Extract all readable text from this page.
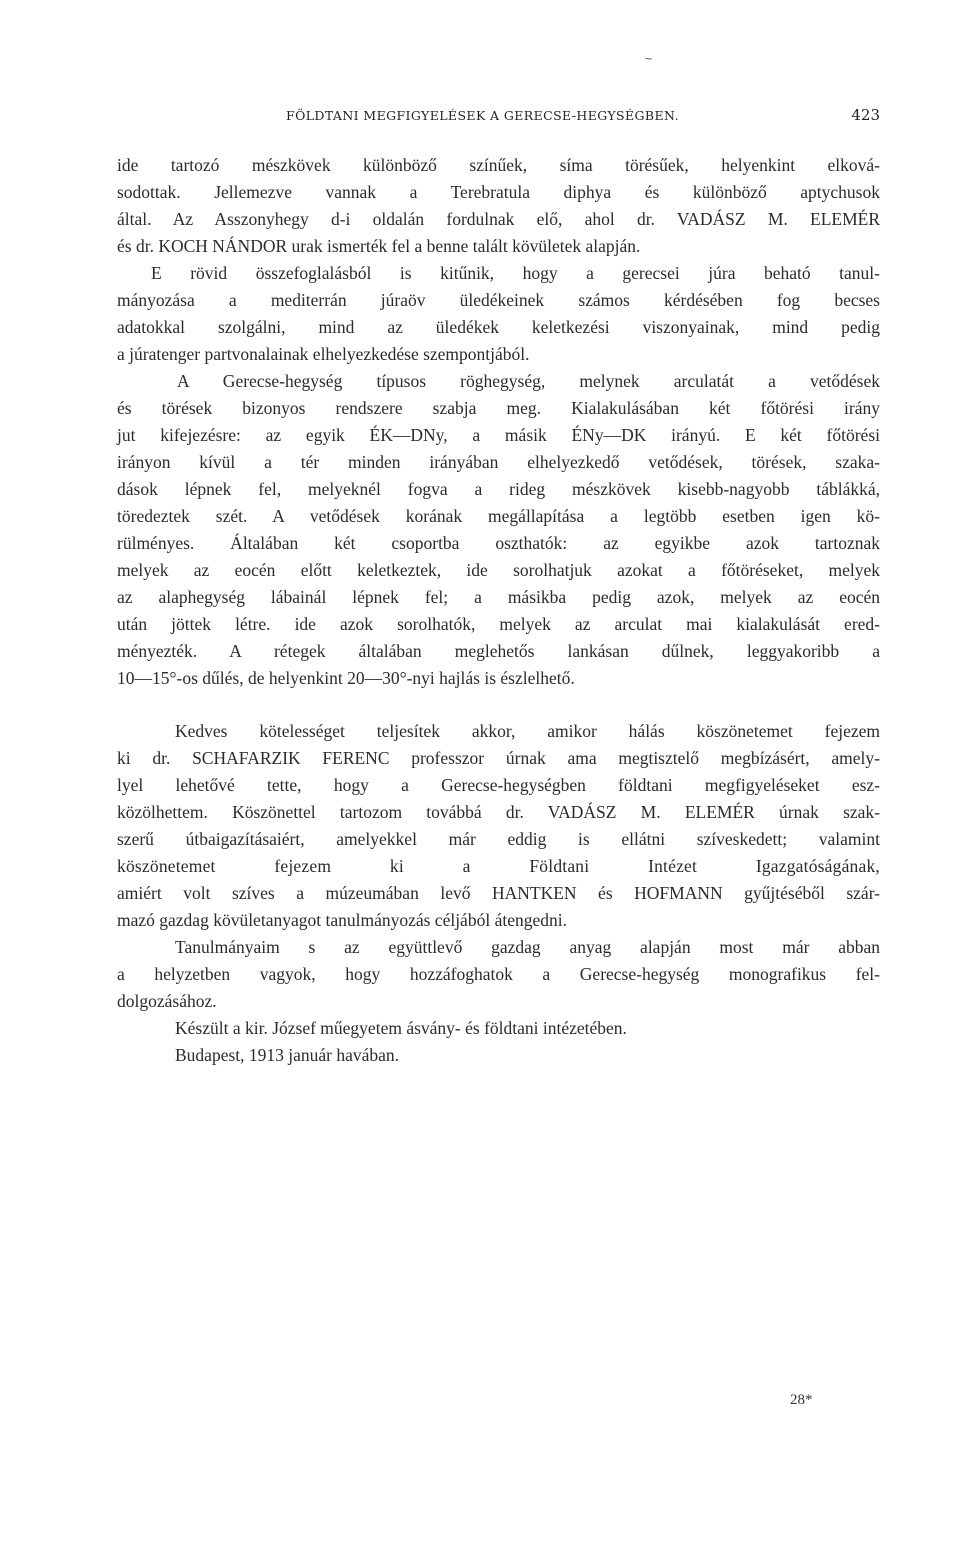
~
FÖLDTANI MEGFIGYELÉSEK A GERECSE-HEGYSÉGBEN.	423
ide tartozó mészkövek különböző színűek, síma törésűek, helyenkint elková-
sodottak. Jellemezve vannak a Terebratula diphya és különböző aptychusok
által. Az Asszonyhegy d-i oldalán fordulnak elő, ahol dr. VADÁSZ M. ELEMÉR
és dr. KOCH NÁNDOR urak ismerték fel a benne talált kövületek alapján.
E rövid összefoglalásból is kitűnik, hogy a gerecsei júra beható tanul-
mányozása a mediterrán júraöv üledékeinek számos kérdésében fog becses
adatokkal szolgálni, mind az üledékek keletkezési viszonyainak, mind pedig
a júratenger partvonalainak elhelyezkedése szempontjából.
A Gerecse-hegység típusos röghegység, melynek arculatát a vetődések
és törések bizonyos rendszere szabja meg. Kialakulásában két főtörési irány
jut kifejezésre: az egyik ÉK—DNy, a másik ÉNy—DK irányú. E két főtörési
irányon kívül a tér minden irányában elhelyezkedő vetődések, törések, szaka-
dások lépnek fel, melyeknél fogva a rideg mészkövek kisebb-nagyobb táblákká,
töredeztek szét. A vetődések korának megállapítása a legtöbb esetben igen kö-
rülményes. Általában két csoportba oszthatók: az egyikbe azok tartoznak
melyek az eocén előtt keletkeztek, ide sorolhatjuk azokat a főtöréseket, melyek
az alaphegység lábainál lépnek fel; a másikba pedig azok, melyek az eocén
után jöttek létre. ide azok sorolhatók, melyek az arculat mai kialakulását ered-
ményezték. A rétegek általában meglehetős lankásan dűlnek, leggyakoribb a
10—15°-os dűlés, de helyenkint 20—30°-nyi hajlás is észlelhető.
Kedves kötelességet teljesítek akkor, amikor hálás köszönetemet fejezem
ki dr. SCHAFARZIK FERENC professzor úrnak ama megtisztelő megbízásért, amely-
lyel lehetővé tette, hogy a Gerecse-hegységben földtani megfigyeléseket esz-
közölhettem. Köszönettel tartozom továbbá dr. VADÁSZ M. ELEMÉR úrnak szak-
szerű útbaigazításaiért, amelyekkel már eddig is ellátni szíveskedett; valamint
köszönetemet fejezem ki a Földtani Intézet Igazgatóságának,
amiért volt szíves a múzeumában levő HANTKEN és HOFMANN gyűjtéséből szár-
mazó gazdag kövületanyagot tanulmányozás céljából átengedni.
Tanulmányaim s az együttlevő gazdag anyag alapján most már abban
a helyzetben vagyok, hogy hozzáfoghatok a Gerecse-hegység monografikus fel-
dolgozásához.
Készült a kir. József műegyetem ásvány- és földtani intézetében.
Budapest, 1913 január havában.
28*
